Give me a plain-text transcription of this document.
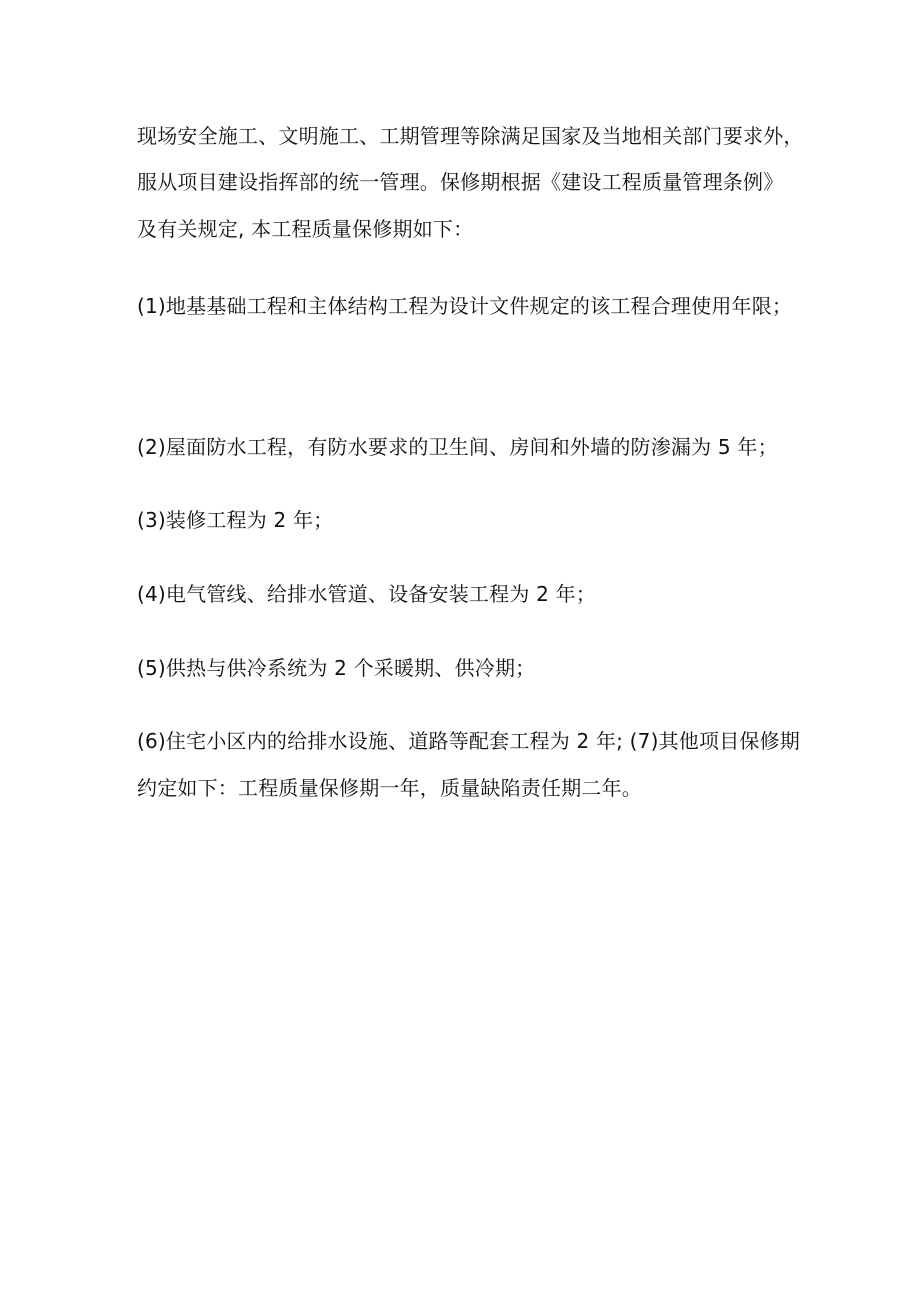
现场安全施工、文明施工、工期管理等除满足国家及当地相关部门要求外，
服从项目建设指挥部的统一管理。保修期根据《建设工程质量管理条例》
及有关规定, 本工程质量保修期如下：
(1)地基基础工程和主体结构工程为设计文件规定的该工程合理使用年限；
(2)屋面防水工程，有防水要求的卫生间、房间和外墙的防渗漏为 5 年；
(3)装修工程为 2 年；
(4)电气管线、给排水管道、设备安装工程为 2 年；
(5)供热与供冷系统为 2 个采暖期、供冷期；
(6)住宅小区内的给排水设施、道路等配套工程为 2 年; (7)其他项目保修期
约定如下：工程质量保修期一年，质量缺陷责任期二年。
